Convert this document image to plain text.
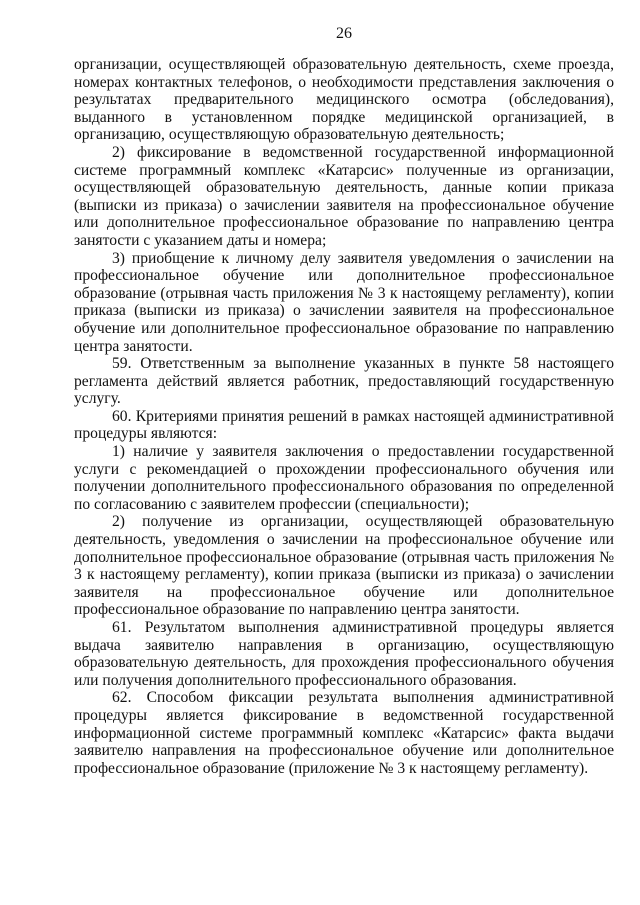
26

организации, осуществляющей образовательную деятельность, схеме проезда, номерах контактных телефонов, о необходимости представления заключения о результатах предварительного медицинского осмотра (обследования), выданного в установленном порядке медицинской организацией, в организацию, осуществляющую образовательную деятельность;

2) фиксирование в ведомственной государственной информационной системе программный комплекс «Катарсис» полученные из организации, осуществляющей образовательную деятельность, данные копии приказа (выписки из приказа) о зачислении заявителя на профессиональное обучение или дополнительное профессиональное образование по направлению центра занятости с указанием даты и номера;

3) приобщение к личному делу заявителя уведомления о зачислении на профессиональное обучение или дополнительное профессиональное образование (отрывная часть приложения № 3 к настоящему регламенту), копии приказа (выписки из приказа) о зачислении заявителя на профессиональное обучение или дополнительное профессиональное образование по направлению центра занятости.

59. Ответственным за выполнение указанных в пункте 58 настоящего регламента действий является работник, предоставляющий государственную услугу.

60. Критериями принятия решений в рамках настоящей административной процедуры являются:

1) наличие у заявителя заключения о предоставлении государственной услуги с рекомендацией о прохождении профессионального обучения или получении дополнительного профессионального образования по определенной по согласованию с заявителем профессии (специальности);

2) получение из организации, осуществляющей образовательную деятельность, уведомления о зачислении на профессиональное обучение или дополнительное профессиональное образование (отрывная часть приложения № 3 к настоящему регламенту), копии приказа (выписки из приказа) о зачислении заявителя на профессиональное обучение или дополнительное профессиональное образование по направлению центра занятости.

61. Результатом выполнения административной процедуры является выдача заявителю направления в организацию, осуществляющую образовательную деятельность, для прохождения профессионального обучения или получения дополнительного профессионального образования.

62. Способом фиксации результата выполнения административной процедуры является фиксирование в ведомственной государственной информационной системе программный комплекс «Катарсис» факта выдачи заявителю направления на профессиональное обучение или дополнительное профессиональное образование (приложение № 3 к настоящему регламенту).
